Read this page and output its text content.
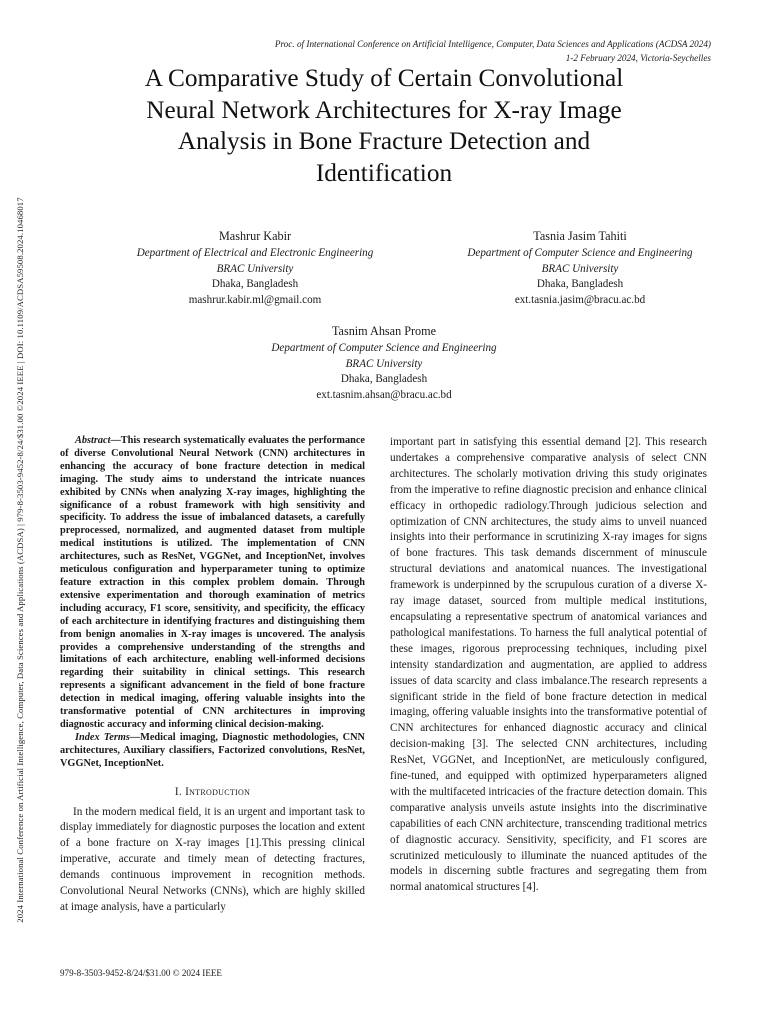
2024 International Conference on Artificial Intelligence, Computer, Data Sciences and Applications (ACDSA) | 979-8-3503-9452-8/24/$31.00 ©2024 IEEE | DOI: 10.1109/ACDSA59508.2024.10468017
Proc. of International Conference on Artificial Intelligence, Computer, Data Sciences and Applications (ACDSA 2024)
1-2 February 2024, Victoria-Seychelles
A Comparative Study of Certain Convolutional
Neural Network Architectures for X-ray Image
Analysis in Bone Fracture Detection and
Identification
Mashrur Kabir
Department of Electrical and Electronic Engineering
BRAC University
Dhaka, Bangladesh
mashrur.kabir.ml@gmail.com
Tasnia Jasim Tahiti
Department of Computer Science and Engineering
BRAC University
Dhaka, Bangladesh
ext.tasnia.jasim@bracu.ac.bd
Tasnim Ahsan Prome
Department of Computer Science and Engineering
BRAC University
Dhaka, Bangladesh
ext.tasnim.ahsan@bracu.ac.bd

Abstract—This research systematically evaluates the performance of diverse Convolutional Neural Network (CNN) architectures in enhancing the accuracy of bone fracture detection in medical imaging. The study aims to understand the intricate nuances exhibited by CNNs when analyzing X-ray images, highlighting the significance of a robust framework with high sensitivity and specificity. To address the issue of imbalanced datasets, a carefully preprocessed, normalized, and augmented dataset from multiple medical institutions is utilized. The implementation of CNN architectures, such as ResNet, VGGNet, and InceptionNet, involves meticulous configuration and hyperparameter tuning to optimize feature extraction in this complex problem domain. Through extensive experimentation and thorough examination of metrics including accuracy, F1 score, sensitivity, and specificity, the efficacy of each architecture in identifying fractures and distinguishing them from benign anomalies in X-ray images is uncovered. The analysis provides a comprehensive understanding of the strengths and limitations of each architecture, enabling well-informed decisions regarding their suitability in clinical settings. This research represents a significant advancement in the field of bone fracture detection in medical imaging, offering valuable insights into the transformative potential of CNN architectures in improving diagnostic accuracy and informing clinical decision-making.

Index Terms—Medical imaging, Diagnostic methodologies, CNN architectures, Auxiliary classifiers, Factorized convolutions, ResNet, VGGNet, InceptionNet.

I. Introduction

In the modern medical field, it is an urgent and important task to display immediately for diagnostic purposes the location and extent of a bone fracture on X-ray images [1].This pressing clinical imperative, accurate and timely mean of detecting fractures, demands continuous improvement in recognition methods. Convolutional Neural Networks (CNNs), which are highly skilled at image analysis, have a particularly

important part in satisfying this essential demand [2]. This research undertakes a comprehensive comparative analysis of select CNN architectures. The scholarly motivation driving this study originates from the imperative to refine diagnostic precision and enhance clinical efficacy in orthopedic radiology.Through judicious selection and optimization of CNN architectures, the study aims to unveil nuanced insights into their performance in scrutinizing X-ray images for signs of bone fractures. This task demands discernment of minuscule structural deviations and anatomical nuances. The investigational framework is underpinned by the scrupulous curation of a diverse X-ray image dataset, sourced from multiple medical institutions, encapsulating a representative spectrum of anatomical variances and pathological manifestations. To harness the full analytical potential of these images, rigorous preprocessing techniques, including pixel intensity standardization and augmentation, are applied to address issues of data scarcity and class imbalance.The research represents a significant stride in the field of bone fracture detection in medical imaging, offering valuable insights into the transformative potential of CNN architectures for enhanced diagnostic accuracy and clinical decision-making [3]. The selected CNN architectures, including ResNet, VGGNet, and InceptionNet, are meticulously configured, fine-tuned, and equipped with optimized hyperparameters aligned with the multifaceted intricacies of the fracture detection domain. This comparative analysis unveils astute insights into the discriminative capabilities of each CNN architecture, transcending traditional metrics of diagnostic accuracy. Sensitivity, specificity, and F1 scores are scrutinized meticulously to illuminate the nuanced aptitudes of the models in discerning subtle fractures and segregating them from normal anatomical structures [4].

979-8-3503-9452-8/24/$31.00 © 2024 IEEE
